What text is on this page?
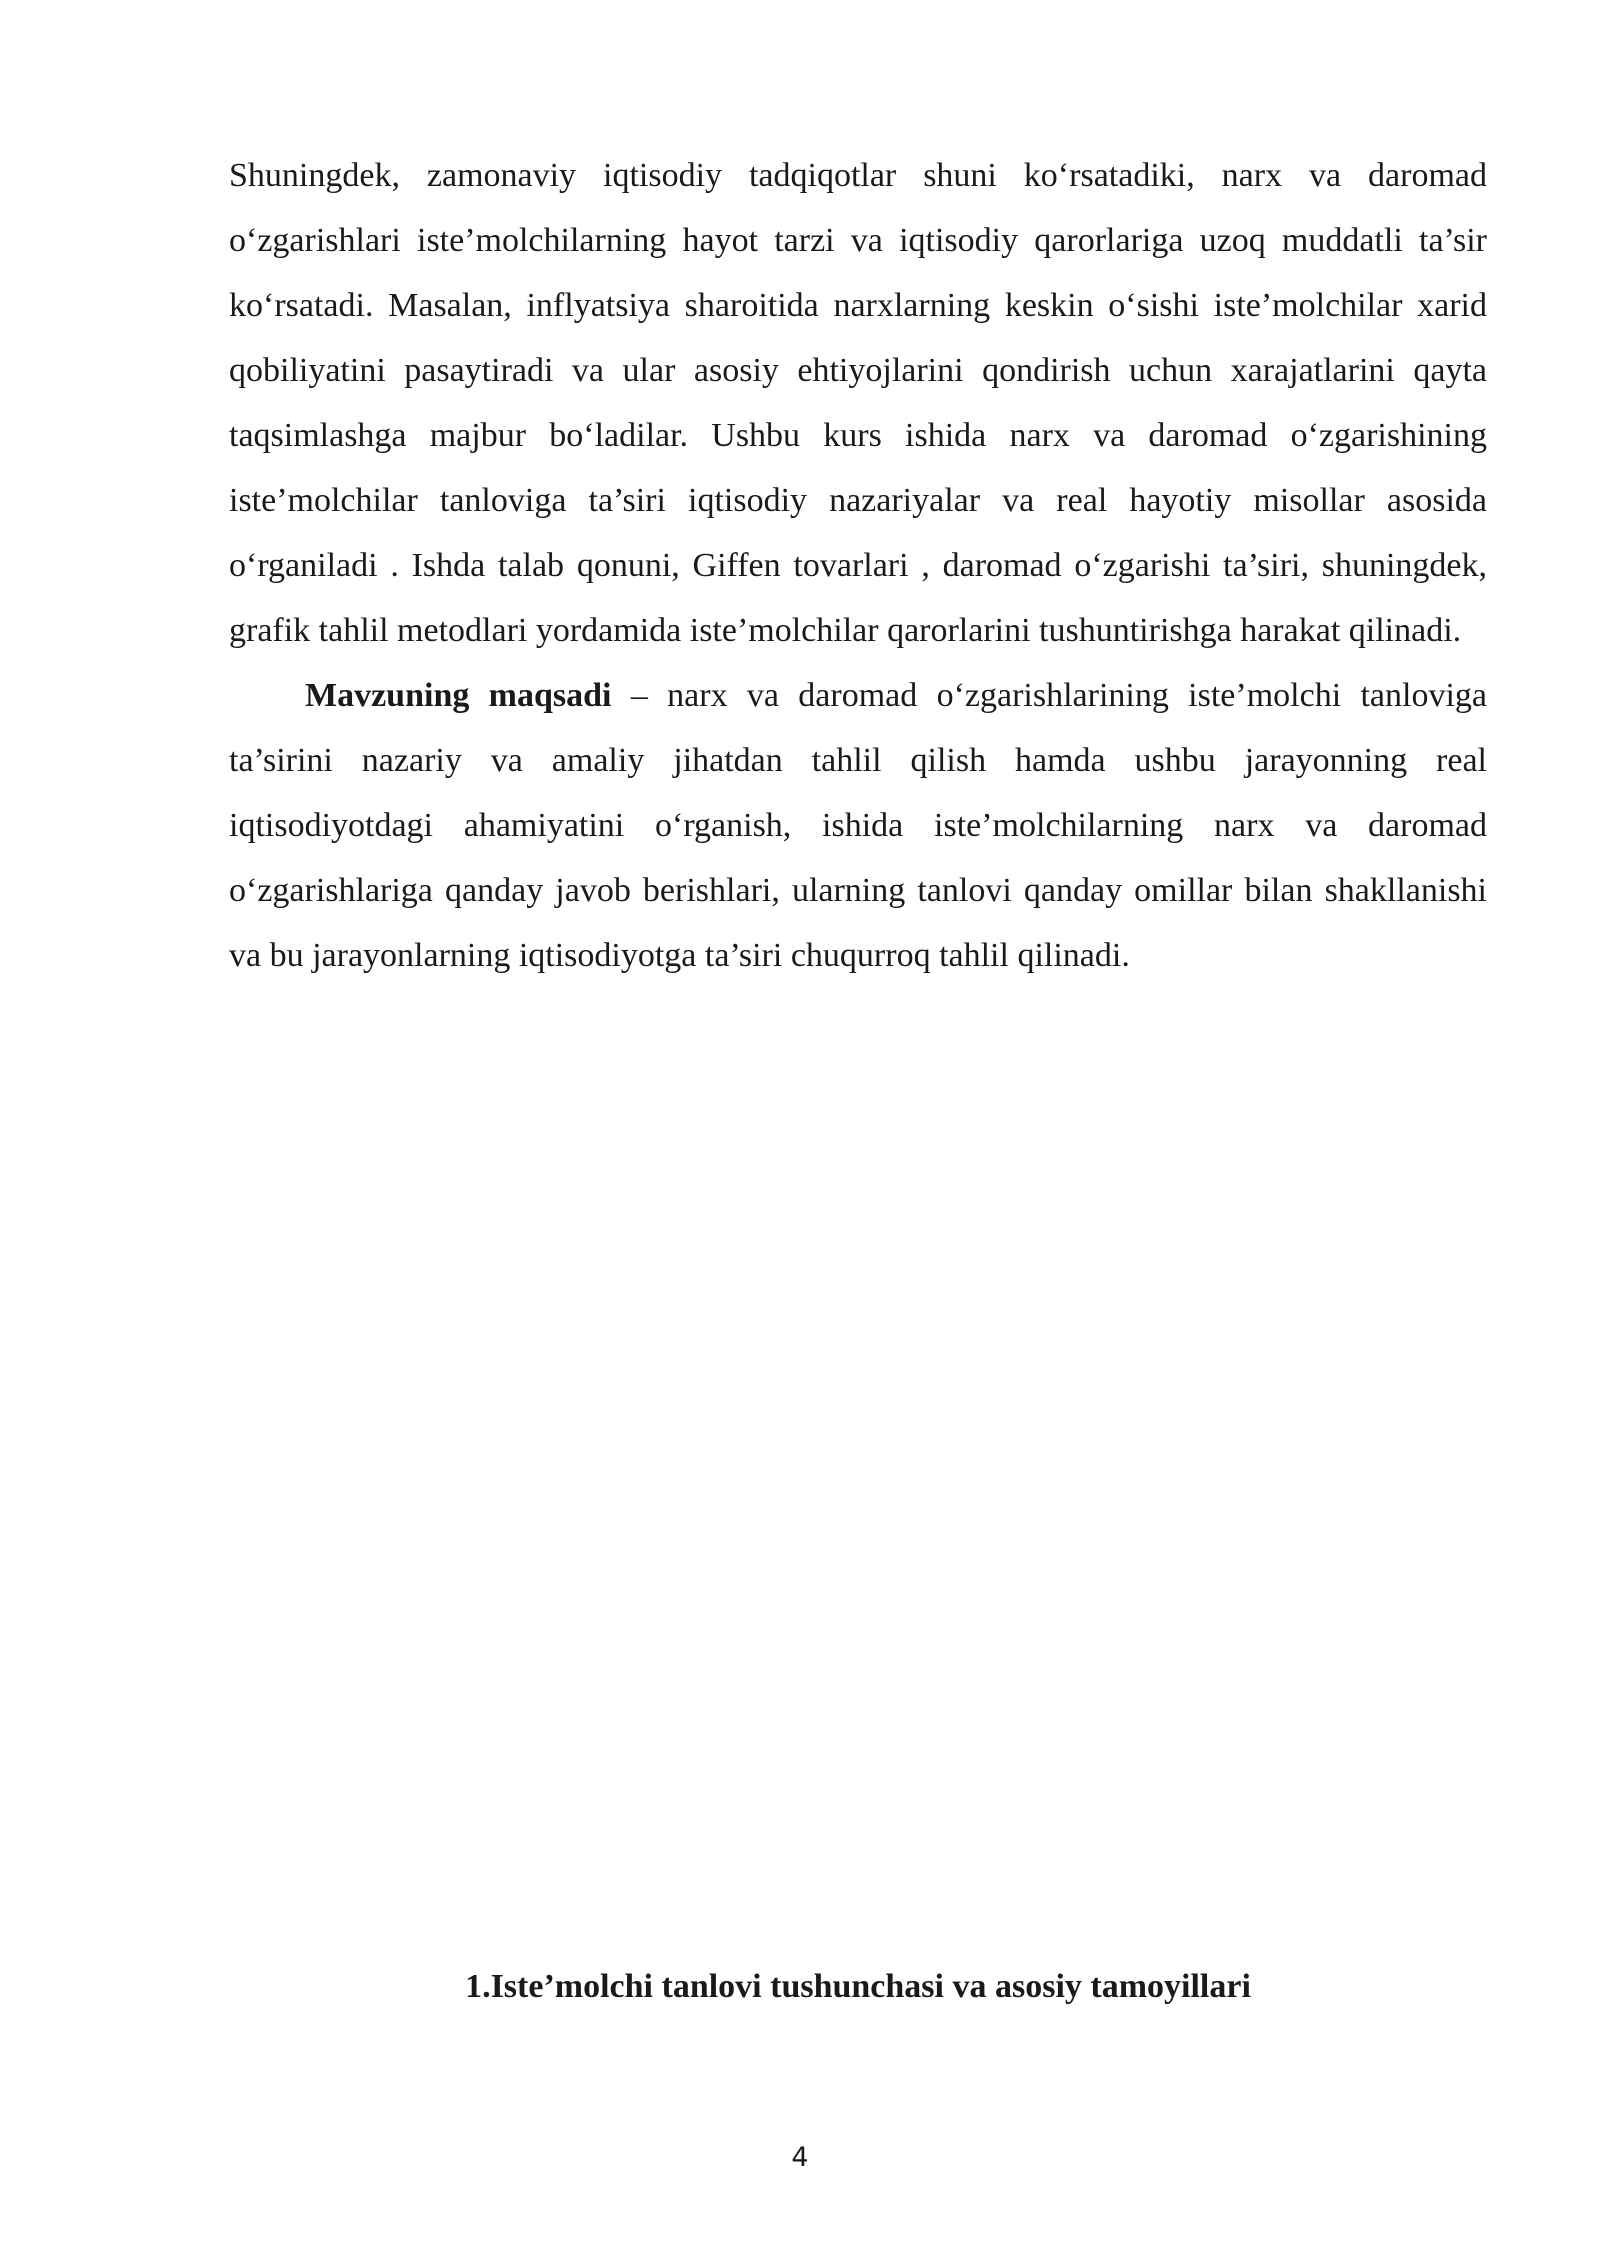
Shuningdek, zamonaviy iqtisodiy tadqiqotlar shuni ko‘rsatadiki, narx va daromad o‘zgarishlari iste’molchilarning hayot tarzi va iqtisodiy qarorlariga uzoq muddatli ta’sir ko‘rsatadi. Masalan, inflyatsiya sharoitida narxlarning keskin o‘sishi iste’molchilar xarid qobiliyatini pasaytiradi va ular asosiy ehtiyojlarini qondirish uchun xarajatlarini qayta taqsimlashga majbur bo‘ladilar. Ushbu kurs ishida narx va daromad o‘zgarishining iste’molchilar tanloviga ta’siri iqtisodiy nazariyalar va real hayotiy misollar asosida o‘rganiladi . Ishda talab qonuni, Giffen tovarlari , daromad o‘zgarishi ta’siri, shuningdek, grafik tahlil metodlari yordamida iste’molchilar qarorlarini tushuntirishga harakat qilinadi.

Mavzuning maqsadi – narx va daromad o‘zgarishlarining iste’molchi tanloviga ta’sirini nazariy va amaliy jihatdan tahlil qilish hamda ushbu jarayonning real iqtisodiyotdagi ahamiyatini o‘rganish, ishida iste’molchilarning narx va daromad o‘zgarishlariga qanday javob berishlari, ularning tanlovi qanday omillar bilan shakllanishi va bu jarayonlarning iqtisodiyotga ta’siri chuqurroq tahlil qilinadi.

1.Iste’molchi tanlovi tushunchasi va asosiy tamoyillari
4
